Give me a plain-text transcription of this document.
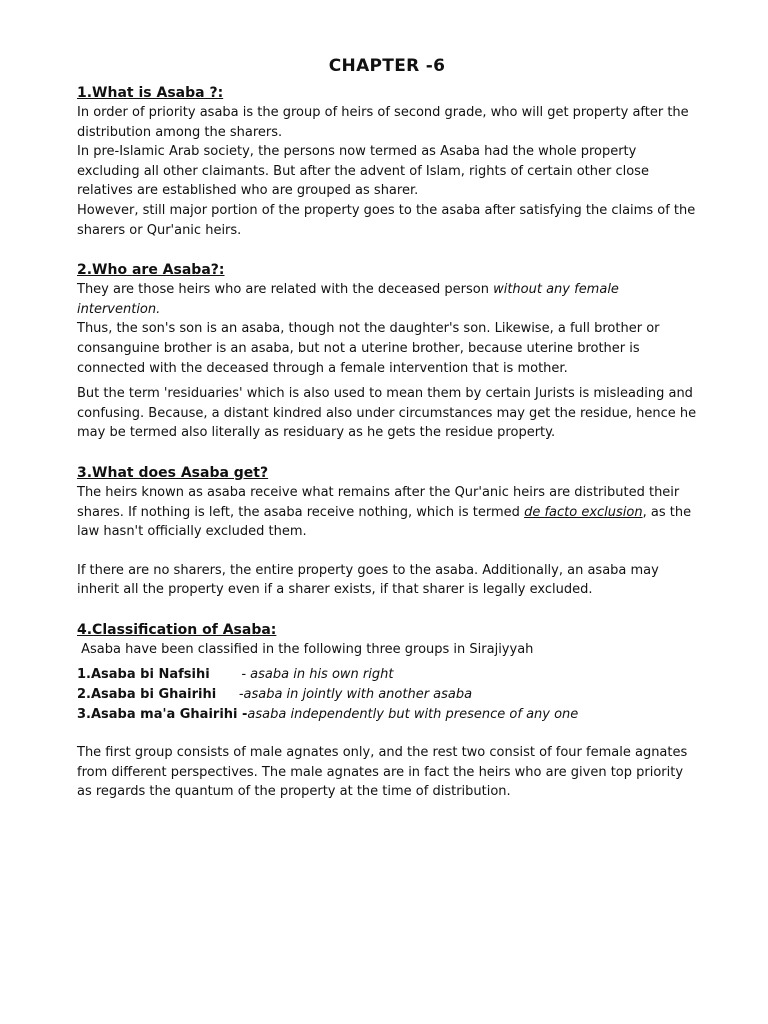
CHAPTER -6
1.What is Asaba ?:

In order of priority asaba is the group of heirs of second grade, who will get property after the distribution among the sharers.

In pre-Islamic Arab society, the persons now termed as Asaba had the whole property excluding all other claimants. But after the advent of Islam, rights of certain other close relatives are established who are grouped as sharer.

However, still major portion of the property goes to the asaba after satisfying the claims of the sharers or Qur'anic heirs.

2.Who are Asaba?:

They are those heirs who are related with the deceased person without any female intervention.

Thus, the son's son is an asaba, though not the daughter's son. Likewise, a full brother or consanguine brother is an asaba, but not a uterine brother, because uterine brother is connected with the deceased through a female intervention that is mother.

But the term 'residuaries' which is also used to mean them by certain Jurists is misleading and confusing. Because, a distant kindred also under circumstances may get the residue, hence he may be termed also literally as residuary as he gets the residue property.

3.What does Asaba get?

The heirs known as asaba receive what remains after the Qur'anic heirs are distributed their shares. If nothing is left, the asaba receive nothing, which is termed de facto exclusion, as the law hasn't officially excluded them.

If there are no sharers, the entire property goes to the asaba. Additionally, an asaba may inherit all the property even if a sharer exists, if that sharer is legally excluded.

4.Classification of Asaba:

Asaba have been classified in the following three groups in Sirajiyyah

1.Asaba bi Nafsihi - asaba in his own right
2.Asaba bi Ghairihi -asaba in jointly with another asaba
3.Asaba ma'a Ghairihi - asaba independently but with presence of any one

The first group consists of male agnates only, and the rest two consist of four female agnates from different perspectives. The male agnates are in fact the heirs who are given top priority as regards the quantum of the property at the time of distribution.
